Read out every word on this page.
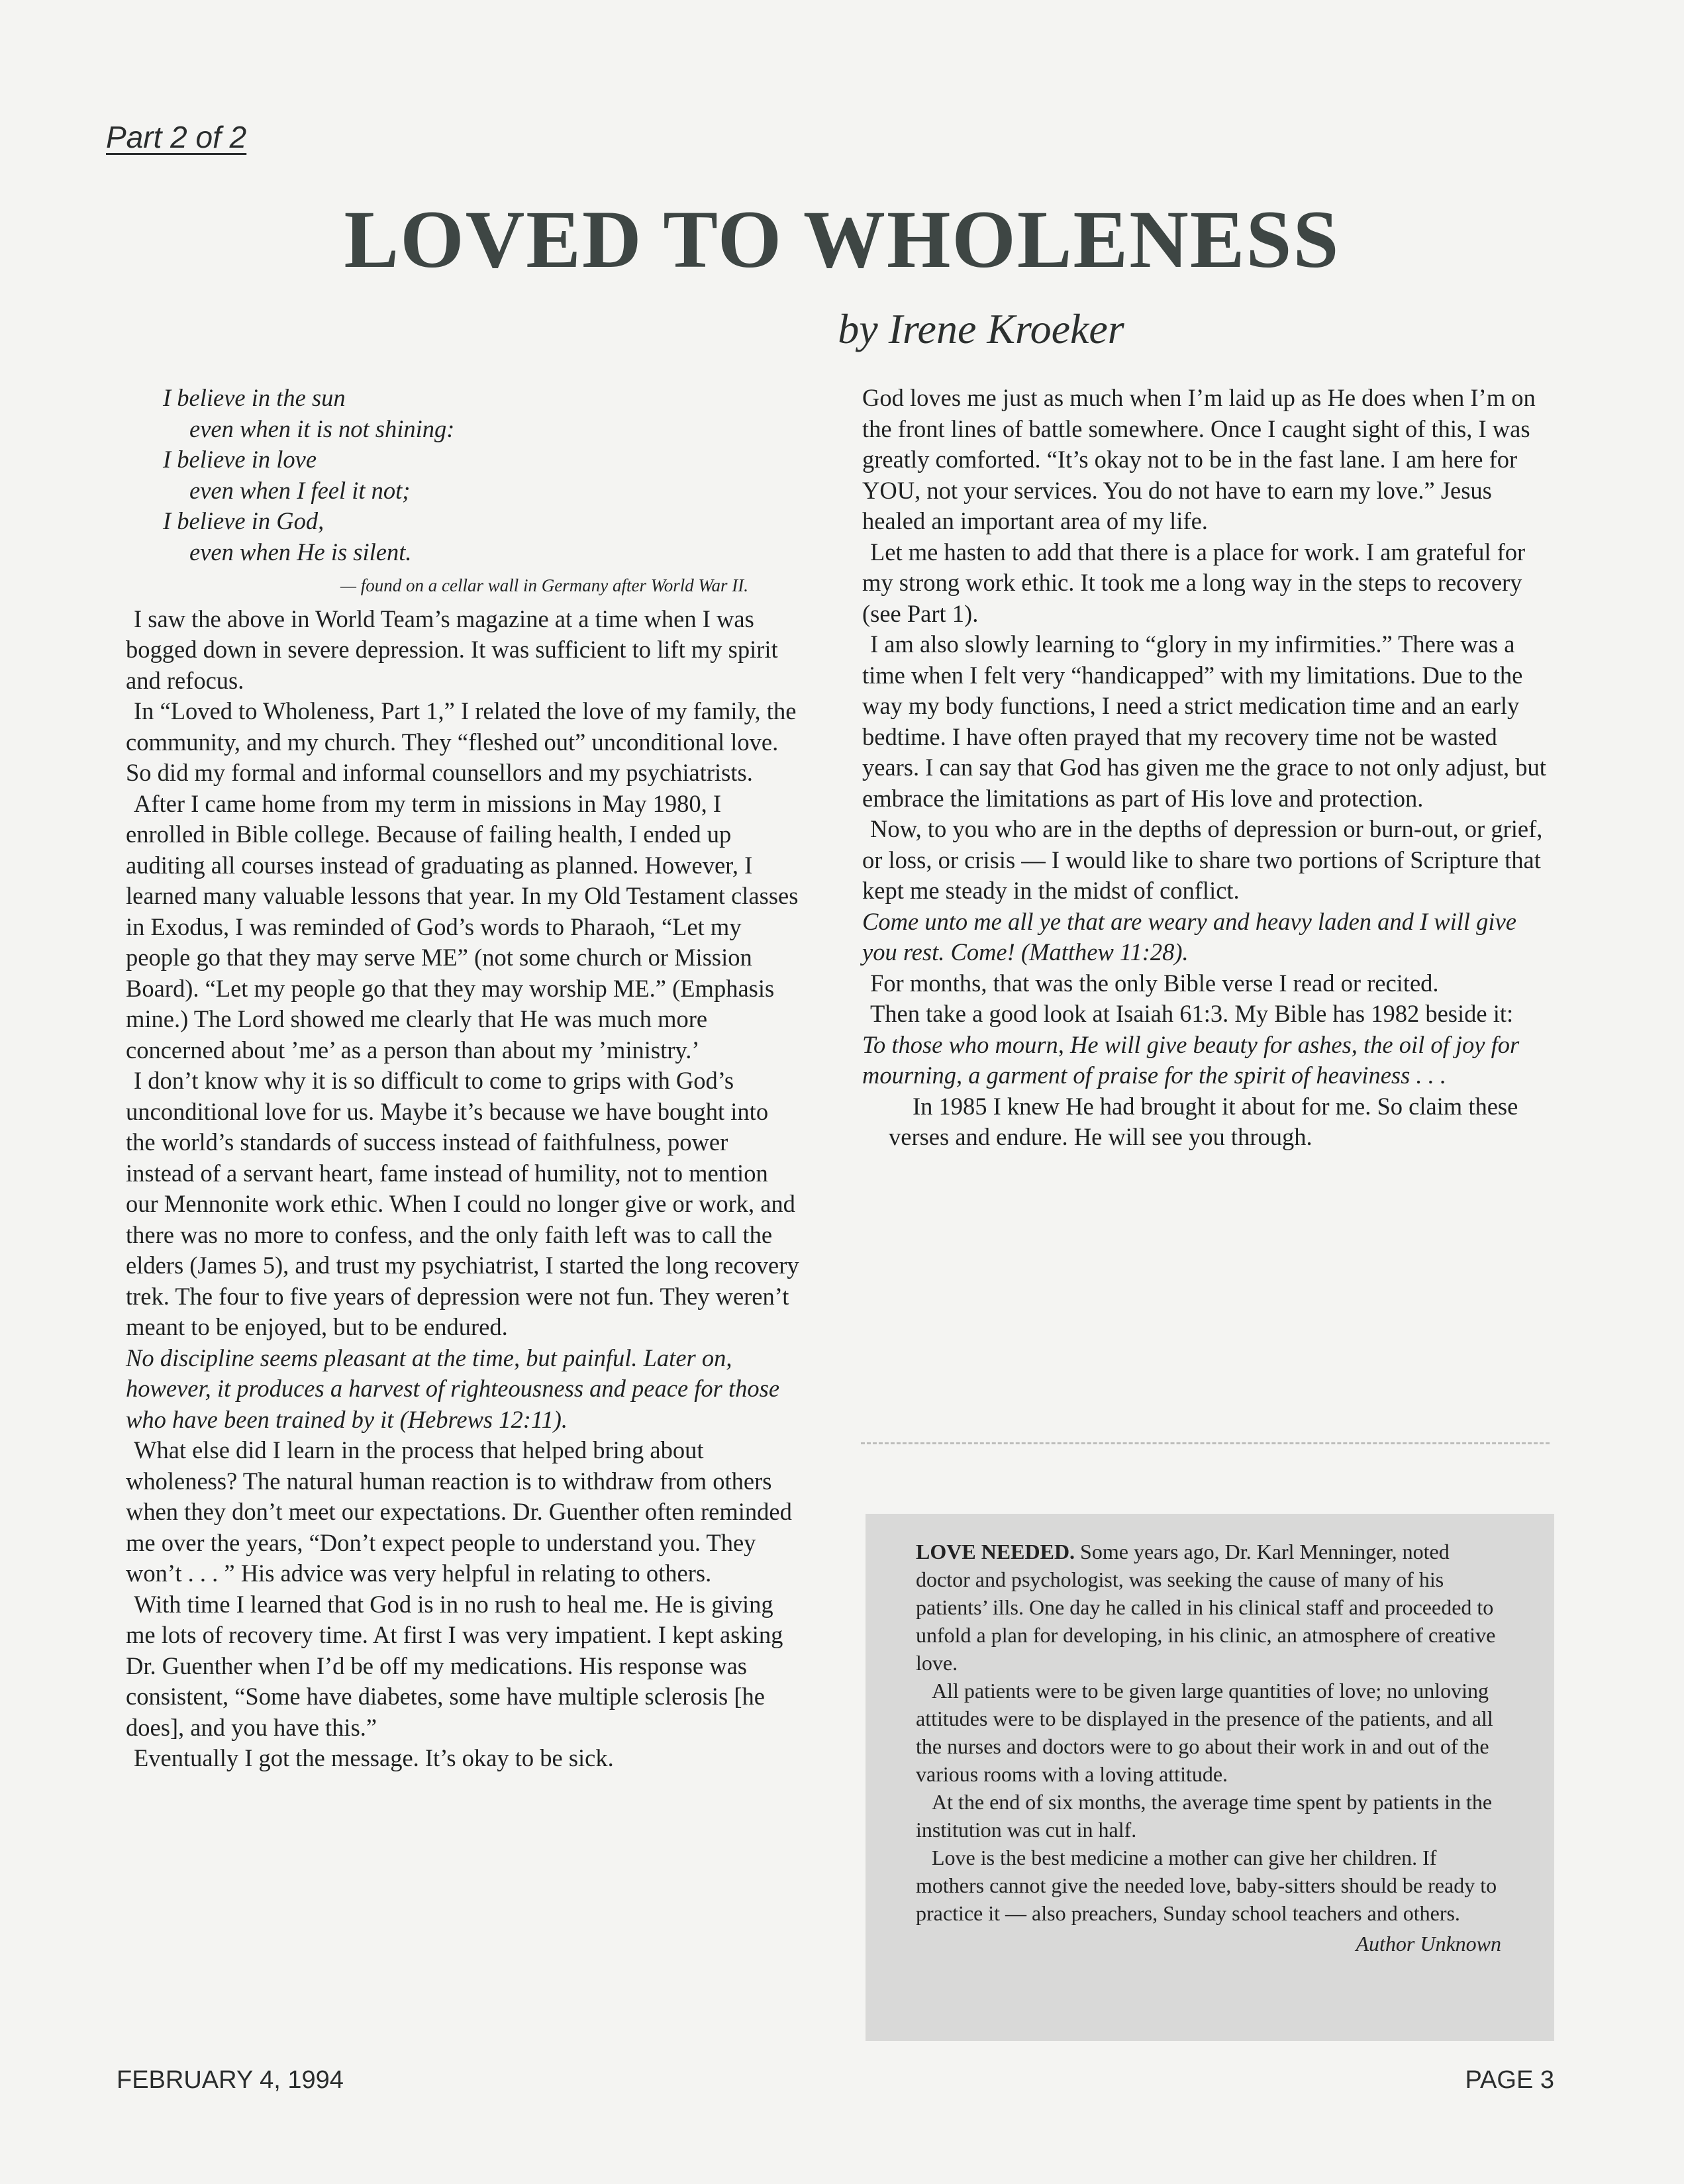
Part 2 of 2
LOVED TO WHOLENESS
by Irene Kroeker
I believe in the sun
even when it is not shining:
I believe in love
even when I feel it not;
I believe in God,
even when He is silent.
— found on a cellar wall in Germany after World War II.

I saw the above in World Team’s magazine at a time when I was bogged down in severe depression. It was sufficient to lift my spirit and refocus.

In “Loved to Wholeness, Part 1,” I related the love of my family, the community, and my church. They “fleshed out” unconditional love. So did my formal and informal counsellors and my psychiatrists.

After I came home from my term in missions in May 1980, I enrolled in Bible college. Because of failing health, I ended up auditing all courses instead of graduating as planned. However, I learned many valuable lessons that year. In my Old Testament classes in Exodus, I was reminded of God’s words to Pharaoh, “Let my people go that they may serve ME” (not some church or Mission Board). “Let my people go that they may worship ME.” (Emphasis mine.) The Lord showed me clearly that He was much more concerned about ’me’ as a person than about my ’ministry.’

I don’t know why it is so difficult to come to grips with God’s unconditional love for us. Maybe it’s because we have bought into the world’s standards of success instead of faithfulness, power instead of a servant heart, fame instead of humility, not to mention our Mennonite work ethic. When I could no longer give or work, and there was no more to confess, and the only faith left was to call the elders (James 5), and trust my psychiatrist, I started the long recovery trek. The four to five years of depression were not fun. They weren’t meant to be enjoyed, but to be endured.

No discipline seems pleasant at the time, but painful. Later on, however, it produces a harvest of righteousness and peace for those who have been trained by it (Hebrews 12:11).

What else did I learn in the process that helped bring about wholeness? The natural human reaction is to withdraw from others when they don’t meet our expectations. Dr. Guenther often reminded me over the years, “Don’t expect people to understand you. They won’t . . . ” His advice was very helpful in relating to others.

With time I learned that God is in no rush to heal me. He is giving me lots of recovery time. At first I was very impatient. I kept asking Dr. Guenther when I’d be off my medications. His response was consistent, “Some have diabetes, some have multiple sclerosis [he does], and you have this.”

Eventually I got the message. It’s okay to be sick.

God loves me just as much when I’m laid up as He does when I’m on the front lines of battle somewhere. Once I caught sight of this, I was greatly comforted. “It’s okay not to be in the fast lane. I am here for YOU, not your services. You do not have to earn my love.” Jesus healed an important area of my life.

Let me hasten to add that there is a place for work. I am grateful for my strong work ethic. It took me a long way in the steps to recovery (see Part 1).

I am also slowly learning to “glory in my infirmities.” There was a time when I felt very “handicapped” with my limitations. Due to the way my body functions, I need a strict medication time and an early bedtime. I have often prayed that my recovery time not be wasted years. I can say that God has given me the grace to not only adjust, but embrace the limitations as part of His love and protection.

Now, to you who are in the depths of depression or burn-out, or grief, or loss, or crisis — I would like to share two portions of Scripture that kept me steady in the midst of conflict.

Come unto me all ye that are weary and heavy laden and I will give you rest. Come! (Matthew 11:28).

For months, that was the only Bible verse I read or recited.

Then take a good look at Isaiah 61:3. My Bible has 1982 beside it:

To those who mourn, He will give beauty for ashes, the oil of joy for mourning, a garment of praise for the spirit of heaviness . . .

In 1985 I knew He had brought it about for me. So claim these verses and endure. He will see you through.

LOVE NEEDED. Some years ago, Dr. Karl Menninger, noted doctor and psychologist, was seeking the cause of many of his patients’ ills. One day he called in his clinical staff and proceeded to unfold a plan for developing, in his clinic, an atmosphere of creative love.

All patients were to be given large quantities of love; no unloving attitudes were to be displayed in the presence of the patients, and all the nurses and doctors were to go about their work in and out of the various rooms with a loving attitude.

At the end of six months, the average time spent by patients in the institution was cut in half.

Love is the best medicine a mother can give her children. If mothers cannot give the needed love, baby-sitters should be ready to practice it — also preachers, Sunday school teachers and others.

Author Unknown

FEBRUARY 4, 1994	PAGE 3
